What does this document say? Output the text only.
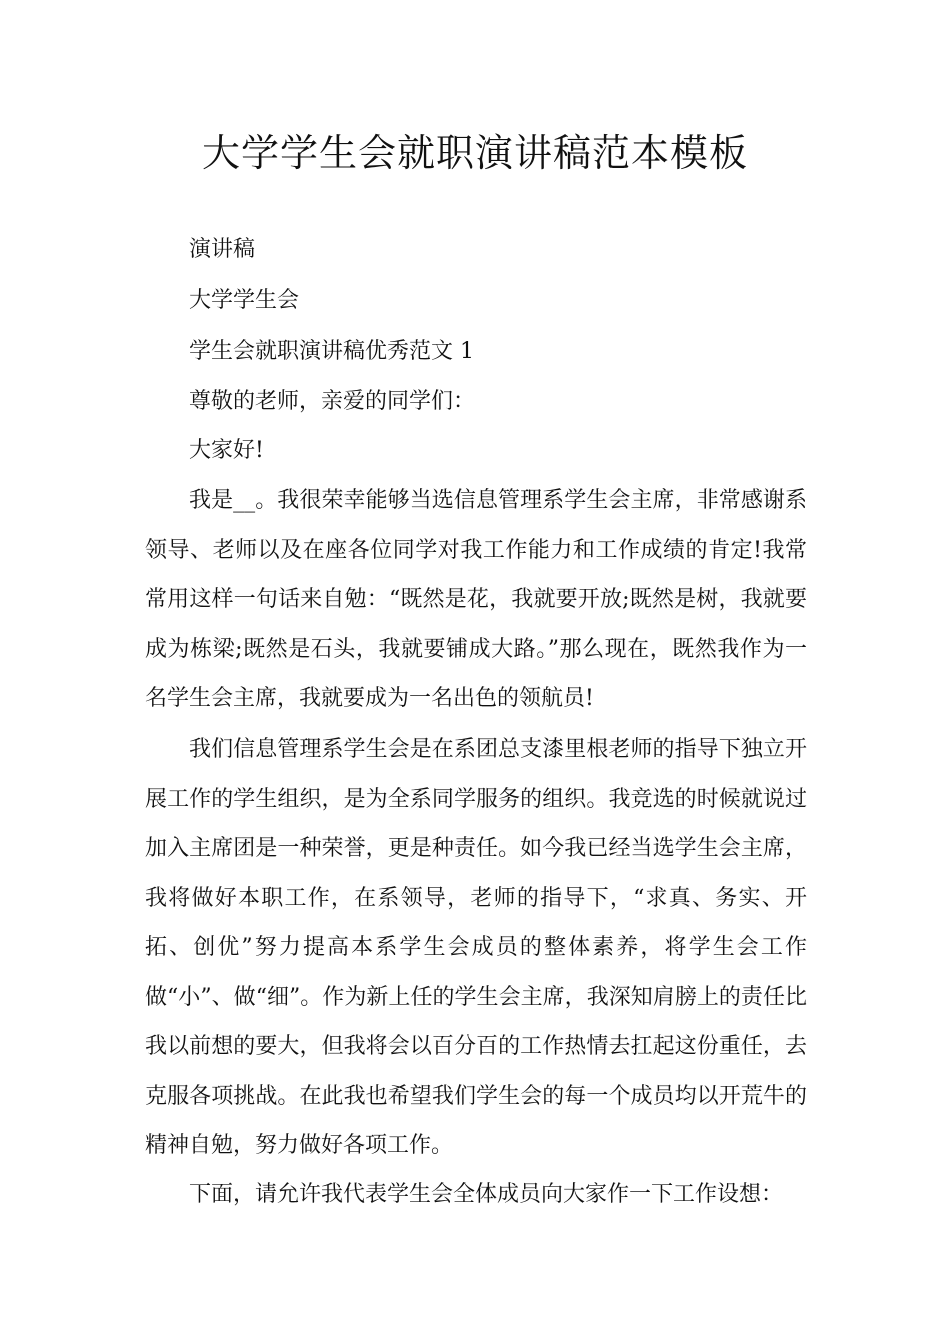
大学学生会就职演讲稿范本模板
演讲稿
大学学生会
学生会就职演讲稿优秀范文 1
尊敬的老师，亲爱的同学们：
大家好!
我是__。我很荣幸能够当选信息管理系学生会主席，非常感谢系领导、老师以及在座各位同学对我工作能力和工作成绩的肯定!我常常用这样一句话来自勉：“既然是花，我就要开放;既然是树，我就要成为栋梁;既然是石头，我就要铺成大路。”那么现在，既然我作为一名学生会主席，我就要成为一名出色的领航员!
我们信息管理系学生会是在系团总支漆里根老师的指导下独立开展工作的学生组织，是为全系同学服务的组织。我竞选的时候就说过加入主席团是一种荣誉，更是种责任。如今我已经当选学生会主席，我将做好本职工作，在系领导，老师的指导下，“求真、务实、开拓、创优”努力提高本系学生会成员的整体素养，将学生会工作做“小”、做“细”。作为新上任的学生会主席，我深知肩膀上的责任比我以前想的要大，但我将会以百分百的工作热情去扛起这份重任，去克服各项挑战。在此我也希望我们学生会的每一个成员均以开荒牛的精神自勉，努力做好各项工作。
下面，请允许我代表学生会全体成员向大家作一下工作设想：
